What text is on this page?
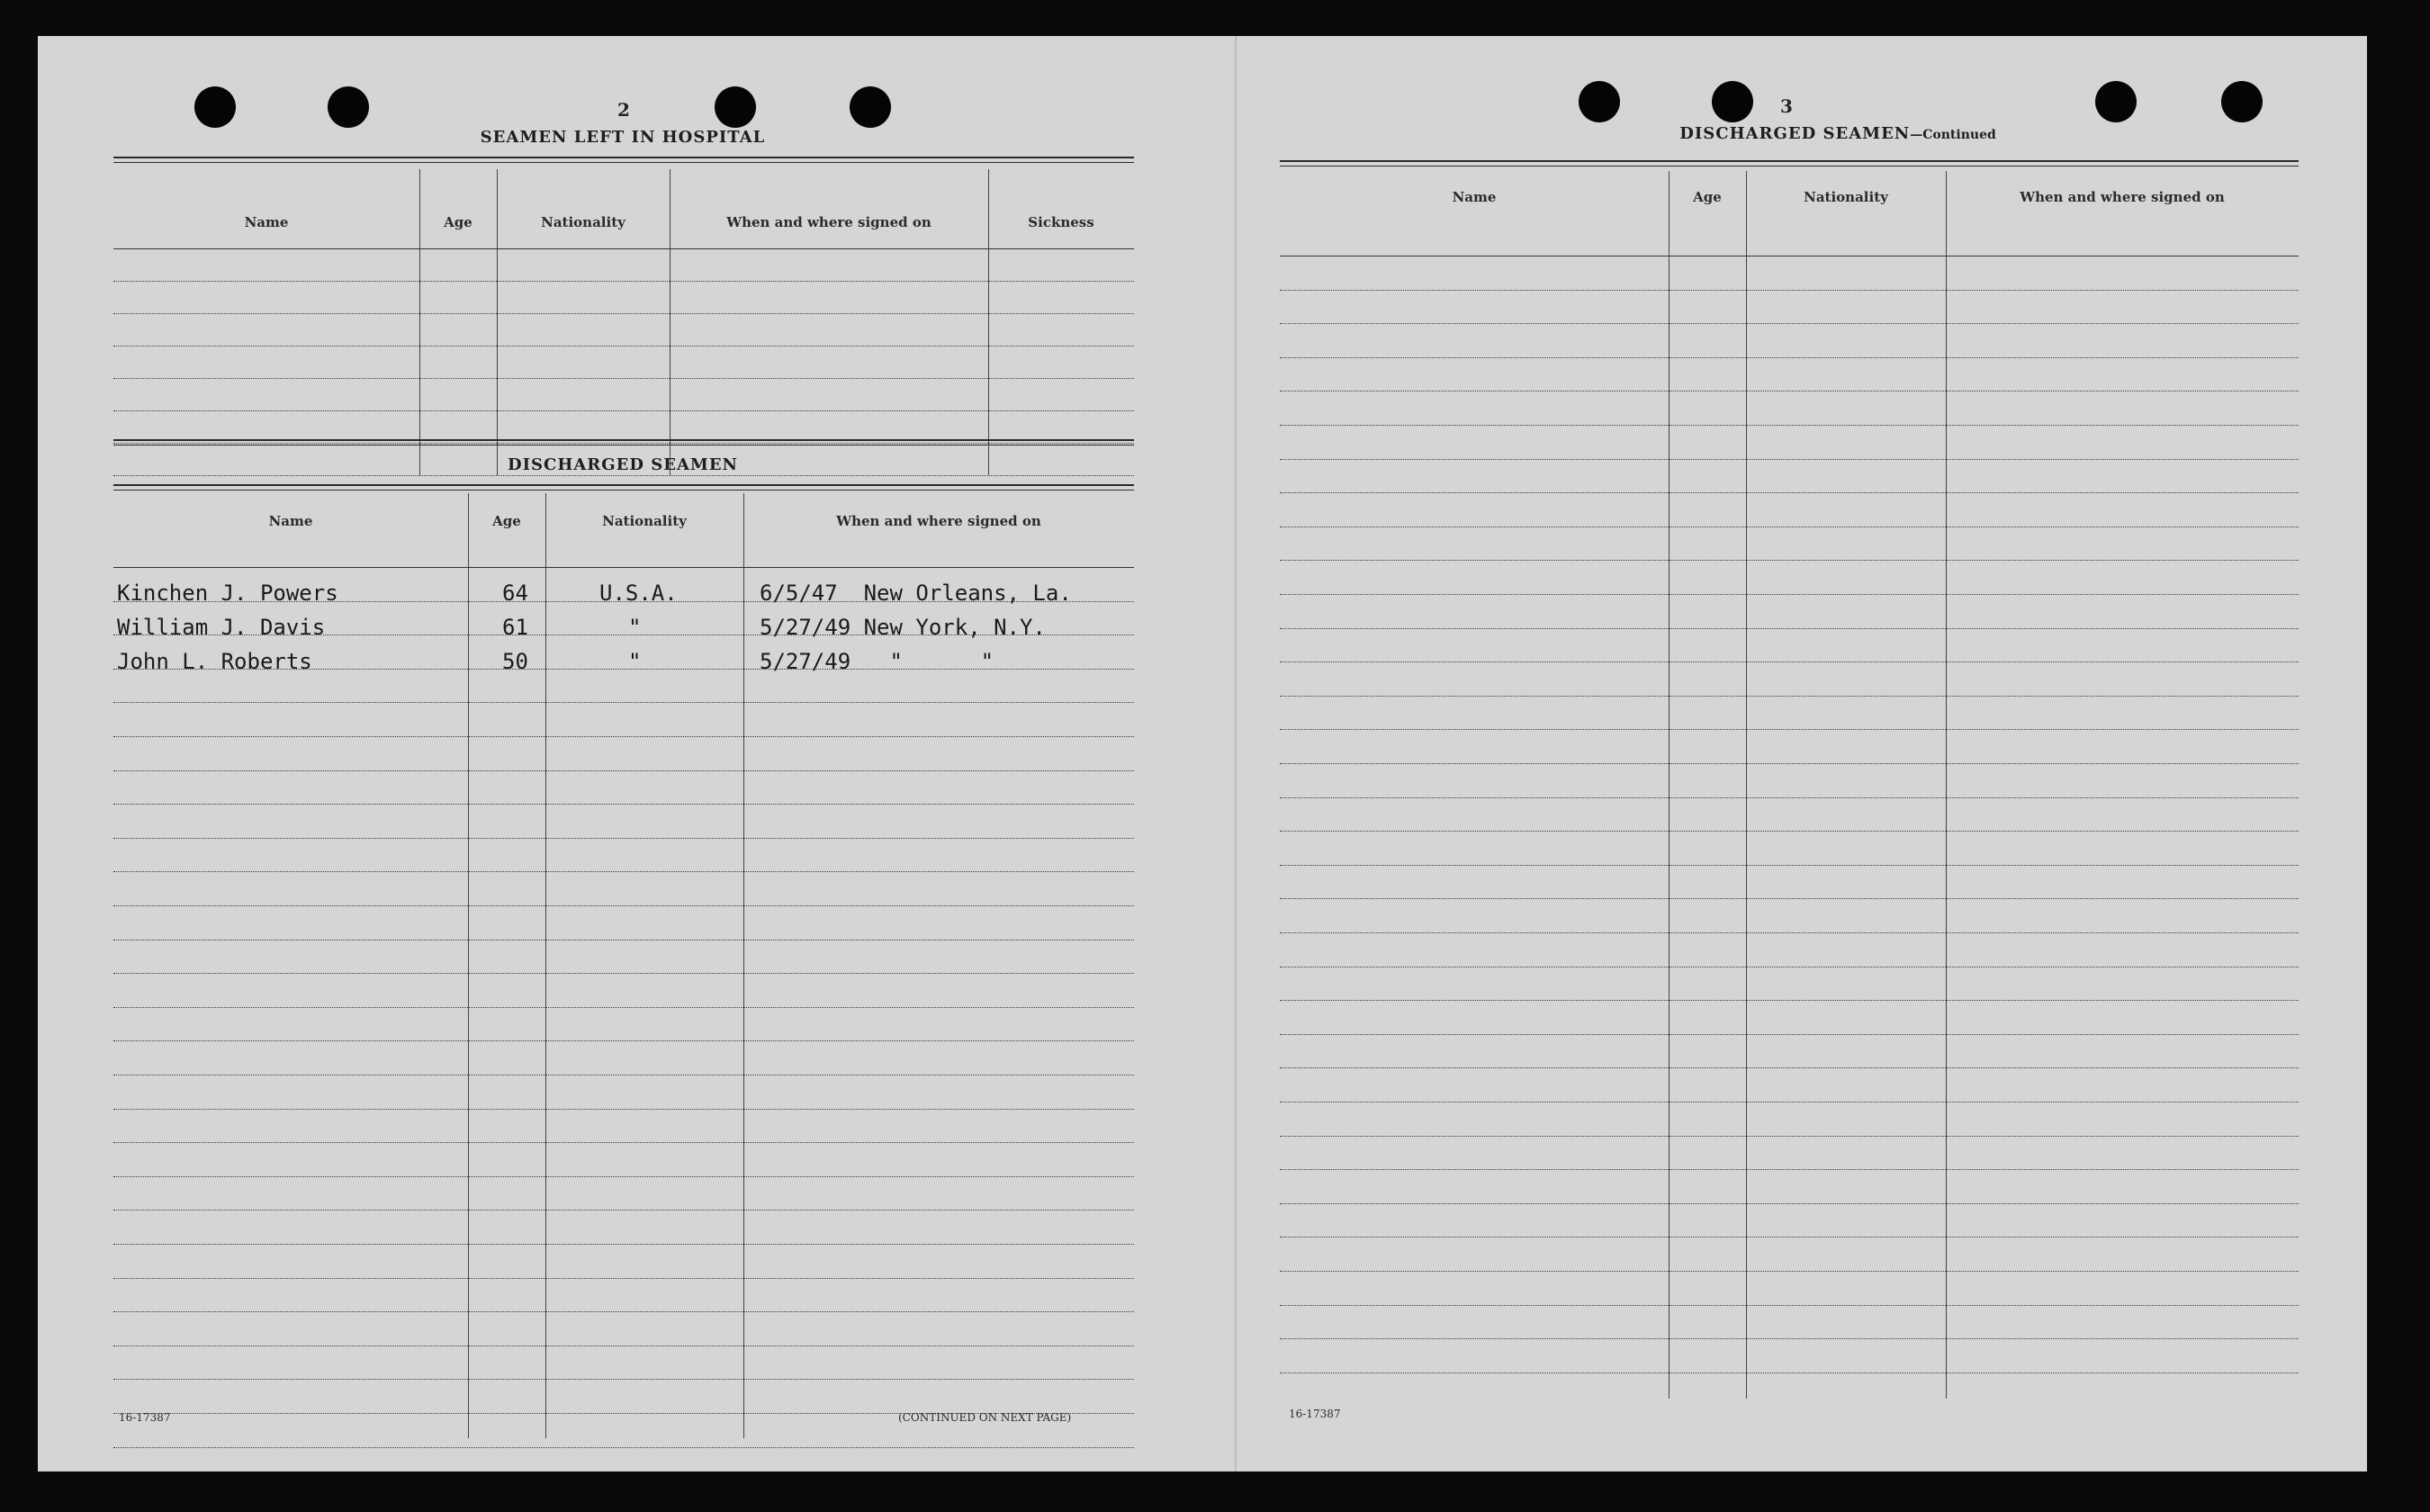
2
SEAMEN LEFT IN HOSPITAL
Name	Age	Nationality	When and where signed on	Sickness
DISCHARGED SEAMEN
Name	Age	Nationality	When and where signed on
Kinchen J. Powers	64	U.S.A.	6/5/47  New Orleans, La.
William J. Davis	61	"	5/27/49 New York, N.Y.
John L. Roberts	50	"	5/27/49   "      "
16-17387	(CONTINUED ON NEXT PAGE)
3
DISCHARGED SEAMEN—Continued
Name	Age	Nationality	When and where signed on
16-17387
